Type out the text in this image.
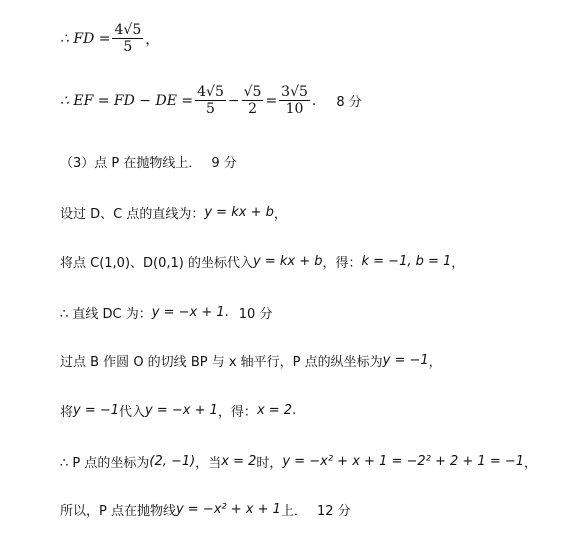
∴ FD = $\frac{4√5}{5}$ ，
∴ EF = FD − DE = $\frac{4√5}{5} - \frac{√5}{2} = \frac{3√5}{10}$ . 8 分
（3）点 P 在抛物线上． 9 分
设过 D、C 点的直线为： y = kx + b ，
将点 C(1,0)、D(0,1) 的坐标代入 y = kx + b ，得： k = −1, b = 1 ，
∴ 直线 DC 为： y = −x + 1 . 10 分
过点 B 作圆 O 的切线 BP 与 x 轴平行，P 点的纵坐标为 y = −1 ，
将 y = −1 代入 y = −x + 1 ，得： x = 2 .
∴ P 点的坐标为 (2, −1) ，当 x = 2 时， y = −x² + x + 1 = −2² + 2 + 1 = −1 ，
所以，P 点在抛物线 y = −x² + x + 1 上． 12 分
